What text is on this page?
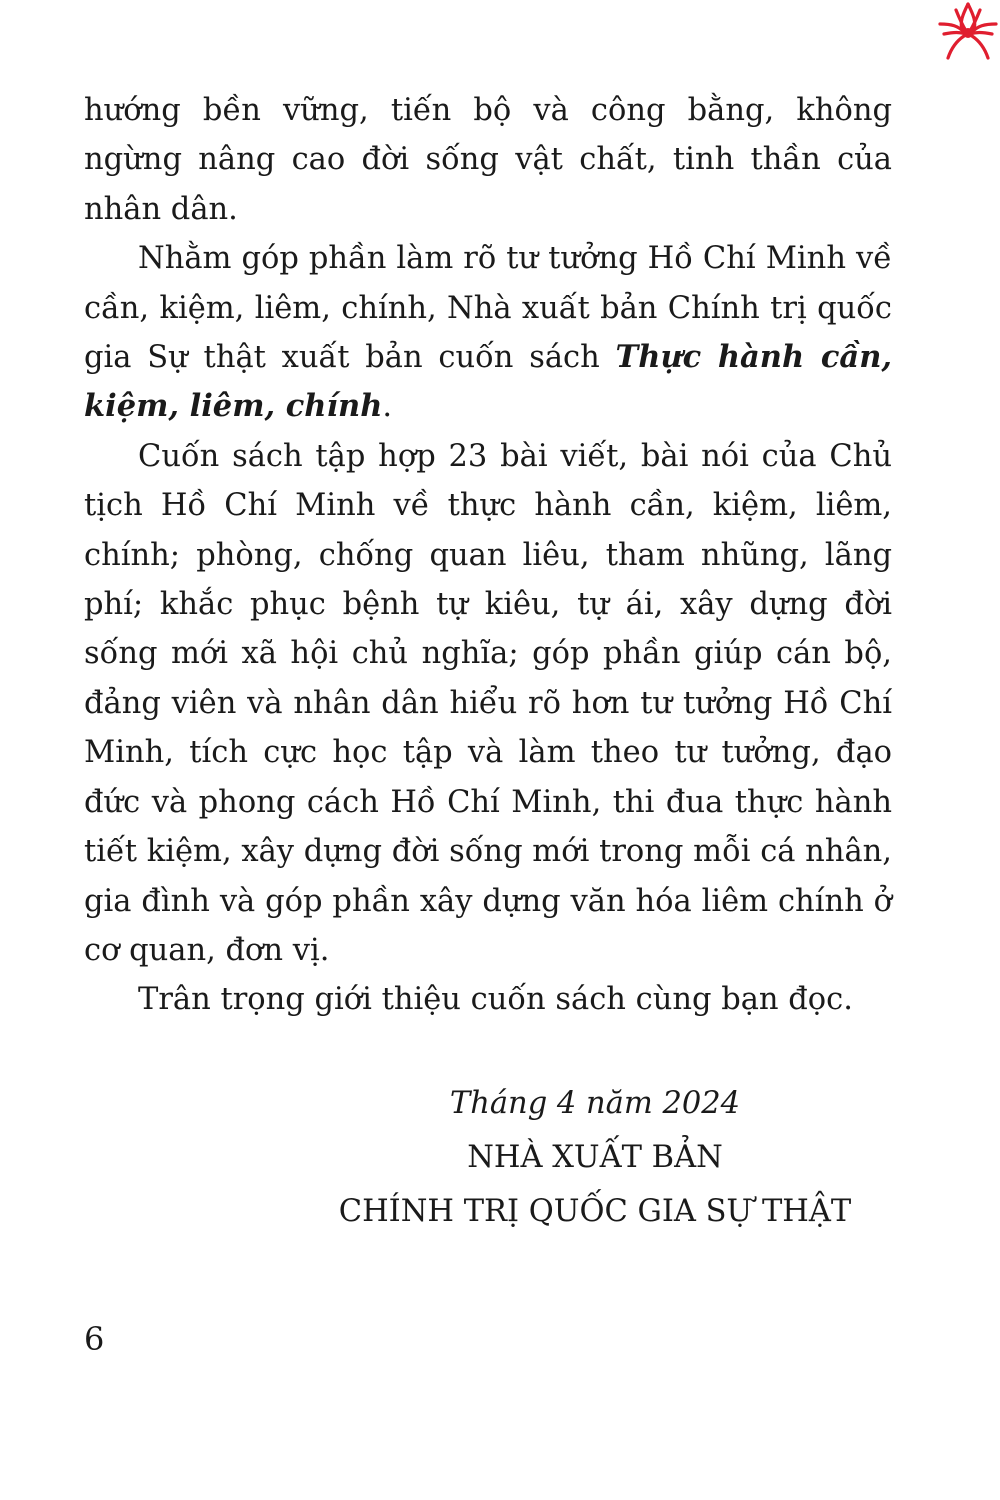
hướng bền vững, tiến bộ và công bằng, không ngừng nâng cao đời sống vật chất, tinh thần của nhân dân.

Nhằm góp phần làm rõ tư tưởng Hồ Chí Minh về cần, kiệm, liêm, chính, Nhà xuất bản Chính trị quốc gia Sự thật xuất bản cuốn sách Thực hành cần, kiệm, liêm, chính.

Cuốn sách tập hợp 23 bài viết, bài nói của Chủ tịch Hồ Chí Minh về thực hành cần, kiệm, liêm, chính; phòng, chống quan liêu, tham nhũng, lãng phí; khắc phục bệnh tự kiêu, tự ái, xây dựng đời sống mới xã hội chủ nghĩa; góp phần giúp cán bộ, đảng viên và nhân dân hiểu rõ hơn tư tưởng Hồ Chí Minh, tích cực học tập và làm theo tư tưởng, đạo đức và phong cách Hồ Chí Minh, thi đua thực hành tiết kiệm, xây dựng đời sống mới trong mỗi cá nhân, gia đình và góp phần xây dựng văn hóa liêm chính ở cơ quan, đơn vị.

Trân trọng giới thiệu cuốn sách cùng bạn đọc.

Tháng 4 năm 2024
NHÀ XUẤT BẢN
CHÍNH TRỊ QUỐC GIA SỰ THẬT
6
